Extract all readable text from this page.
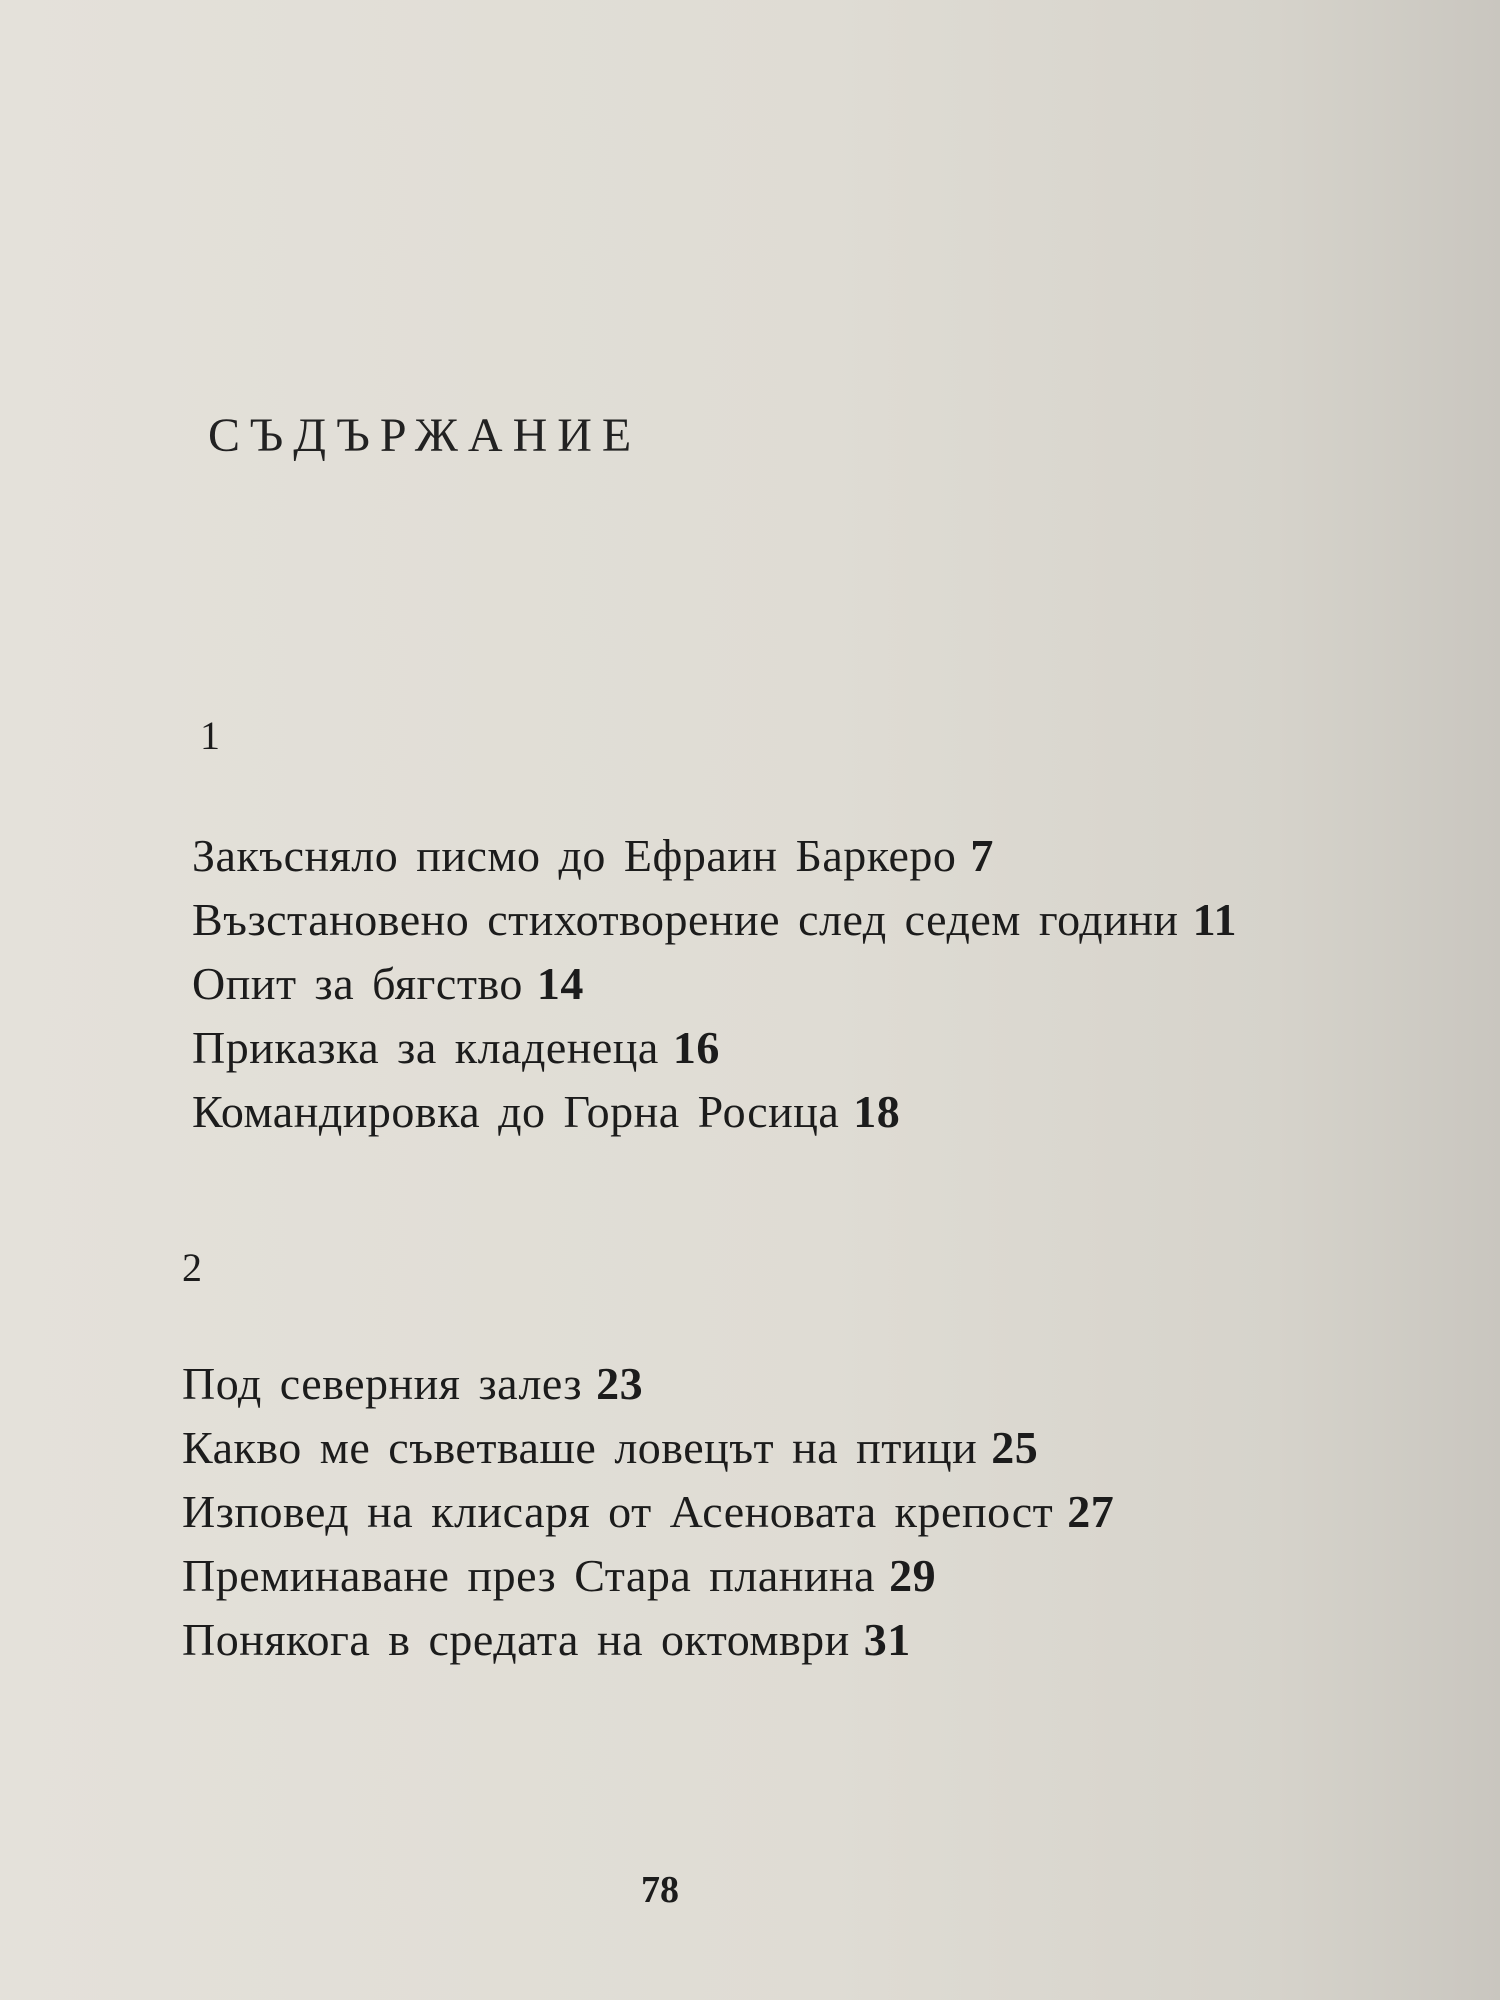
СЪДЪРЖАНИЕ
1
Закъсняло писмо до Ефраин Баркеро 7
Възстановено стихотворение след седем години 11
Опит за бягство 14
Приказка за кладенеца 16
Командировка до Горна Росица 18
2
Под северния залез 23
Какво ме съветваше ловецът на птици 25
Изповед на клисаря от Асеновата крепост 27
Преминаване през Стара планина 29
Понякога в средата на октомври 31
78
